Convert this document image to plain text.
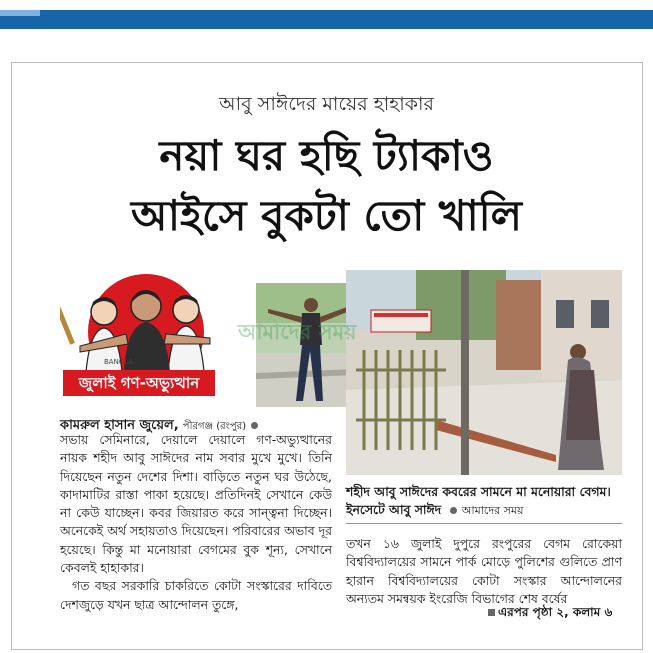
আবু সাঈদের মায়ের হাহাকার
নয়া ঘর হছি ট্যাকাও
আইসে বুকটা তো খালি
BANGLA
জুলাই গণ-অভ্যুত্থান
আমাদের সময়
কামরুল হাসান জুয়েল, পীরগঞ্জ (রংপুর)

সভায় সেমিনারে, দেয়ালে দেয়ালে গণ-অভ্যুত্থানের নায়ক শহীদ আবু সাঈদের নাম সবার মুখে মুখে। তিনি দিয়েছেন নতুন দেশের দিশা। বাড়িতে নতুন ঘর উঠেছে, কাদামাটির রাস্তা পাকা হয়েছে। প্রতিদিনই সেখানে কেউ না কেউ যাচ্ছেন। কবর জিয়ারত করে সান্ত্বনা দিচ্ছেন। অনেকেই অর্থ সহায়তাও দিয়েছেন। পরিবারের অভাব দূর হয়েছে। কিন্তু মা মনোয়ারা বেগমের বুক শূন্য, সেখানে কেবলই হাহাকার।

গত বছর সরকারি চাকরিতে কোটা সংস্কারের দাবিতে দেশজুড়ে যখন ছাত্র আন্দোলন তুঙ্গে,

শহীদ আবু সাঈদের কবরের সামনে মা মনোয়ারা বেগম। ইনসেটে আবু সাঈদ আমাদের সময়

তখন ১৬ জুলাই দুপুরে রংপুরের বেগম রোকেয়া বিশ্ববিদ্যালয়ের সামনে পার্ক মোড়ে পুলিশের গুলিতে প্রাণ হারান বিশ্ববিদ্যালয়ের কোটা সংস্কার আন্দোলনের অন্যতম সমন্বয়ক ইংরেজি বিভাগের শেষ বর্ষের

এরপর পৃষ্ঠা ২, কলাম ৬
